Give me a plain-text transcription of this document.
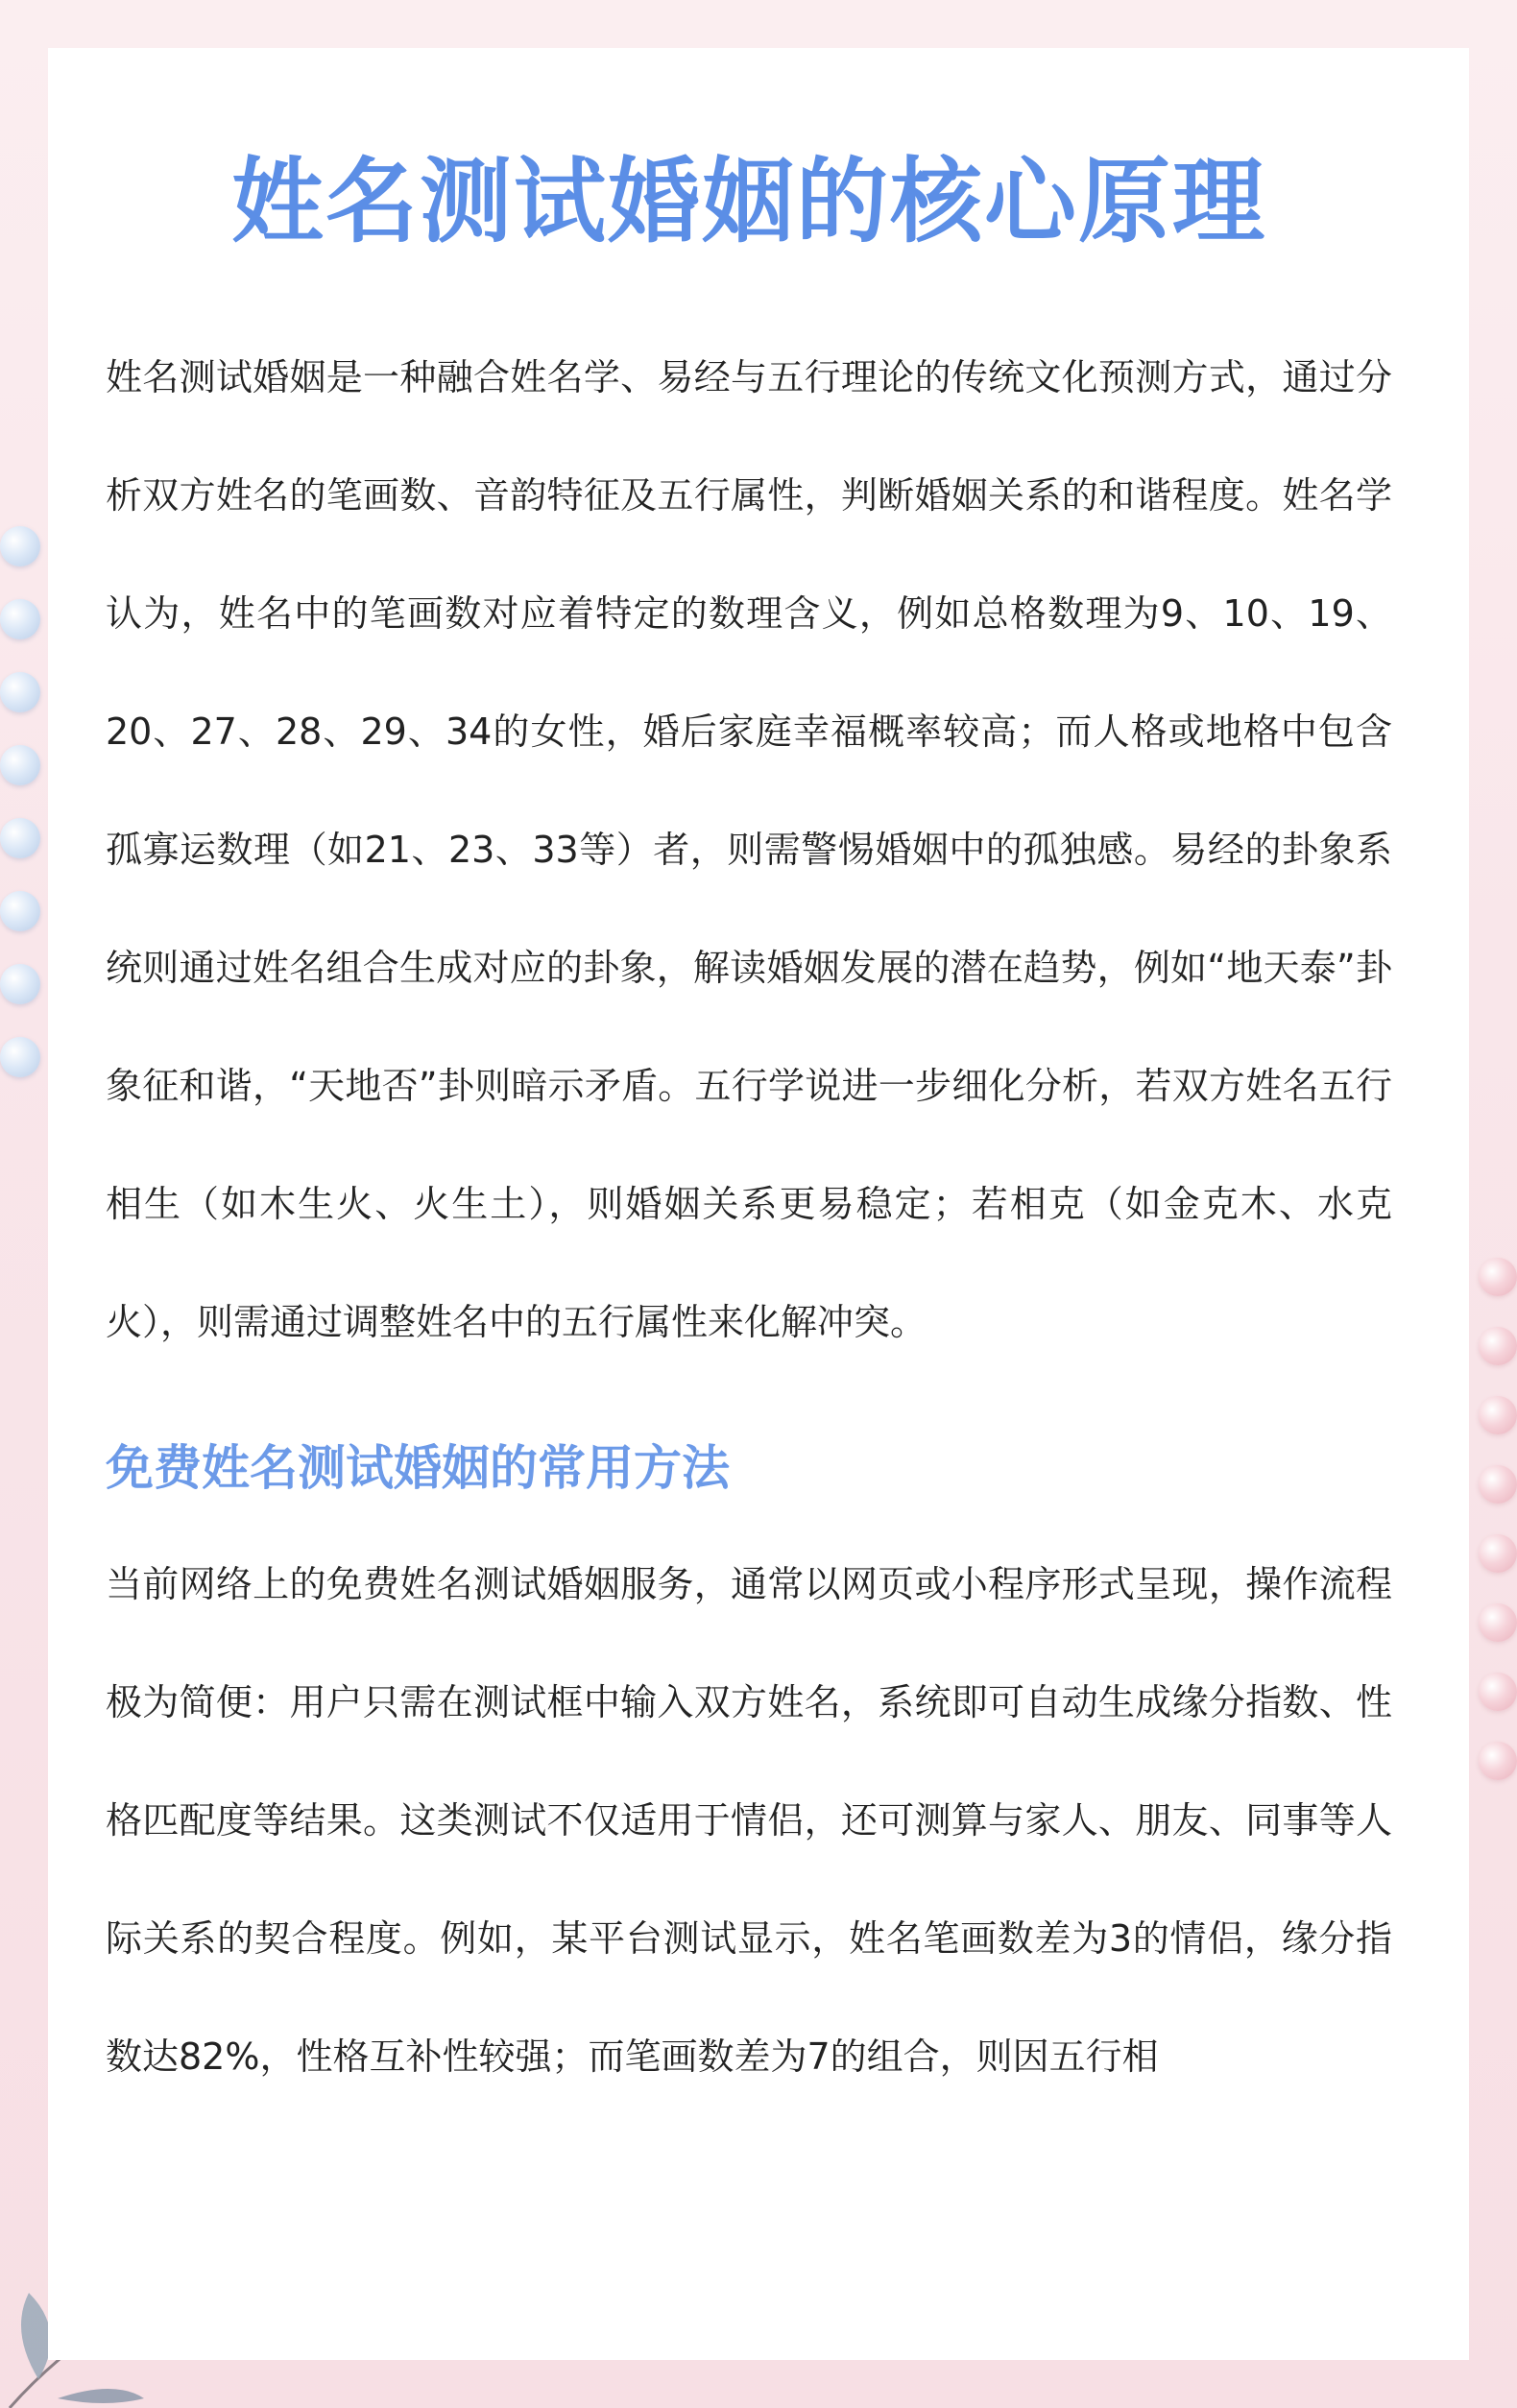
姓名测试婚姻的核心原理

姓名测试婚姻是一种融合姓名学、易经与五行理论的传统文化预测方式，通过分析双方姓名的笔画数、音韵特征及五行属性，判断婚姻关系的和谐程度。姓名学认为，姓名中的笔画数对应着特定的数理含义，例如总格数理为9、10、19、20、27、28、29、34的女性，婚后家庭幸福概率较高；而人格或地格中包含孤寡运数理（如21、23、33等）者，则需警惕婚姻中的孤独感。易经的卦象系统则通过姓名组合生成对应的卦象，解读婚姻发展的潜在趋势，例如“地天泰”卦象征和谐，“天地否”卦则暗示矛盾。五行学说进一步细化分析，若双方姓名五行相生（如木生火、火生土），则婚姻关系更易稳定；若相克（如金克木、水克火），则需通过调整姓名中的五行属性来化解冲突。

免费姓名测试婚姻的常用方法

当前网络上的免费姓名测试婚姻服务，通常以网页或小程序形式呈现，操作流程极为简便：用户只需在测试框中输入双方姓名，系统即可自动生成缘分指数、性格匹配度等结果。这类测试不仅适用于情侣，还可测算与家人、朋友、同事等人际关系的契合程度。例如，某平台测试显示，姓名笔画数差为3的情侣，缘分指数达82%，性格互补性较强；而笔画数差为7的组合，则因五行相
